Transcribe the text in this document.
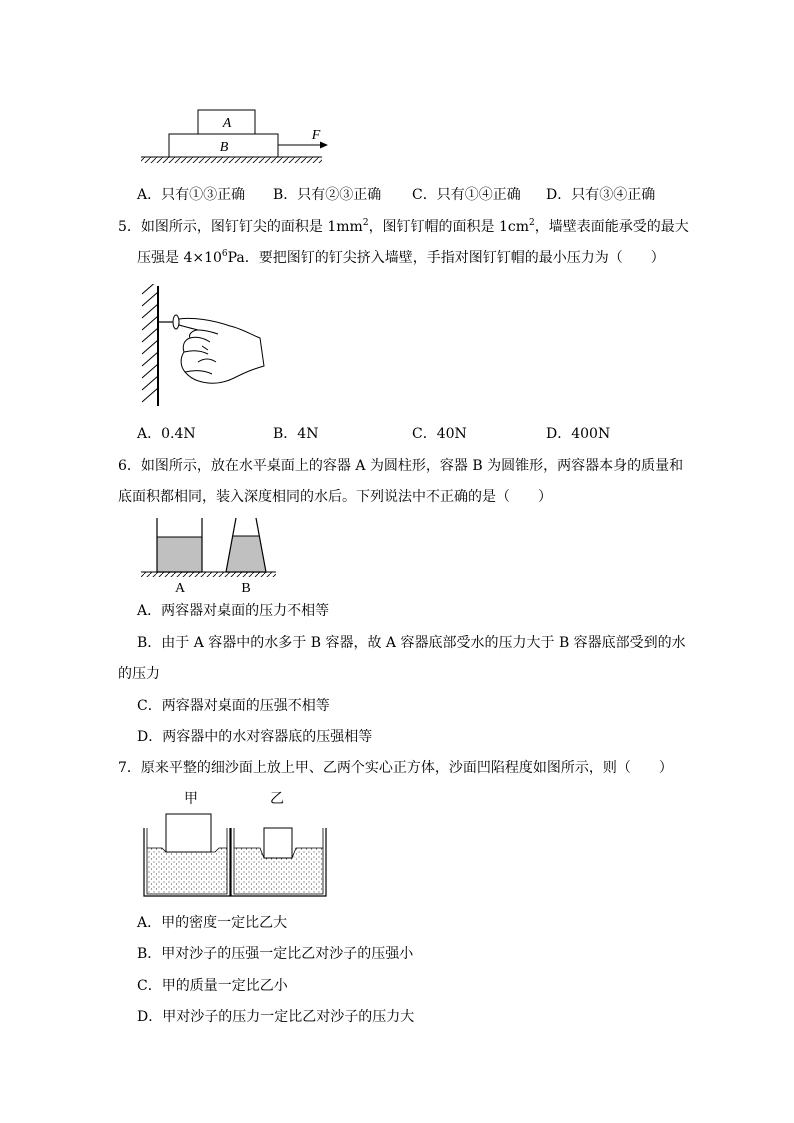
A
B
F
A．只有①③正确 B．只有②③正确 C．只有①④正确 D．只有③④正确
5．如图所示，图钉钉尖的面积是 $1mm^2$，图钉钉帽的面积是 $1cm^2$，墙壁表面能承受的最大
压强是 $4\times 10^6Pa$．要把图钉的钉尖挤入墙壁，手指对图钉钉帽的最小压力为（　　）
A．0.4N	B．4N	C．40N	D．400N
6．如图所示，放在水平桌面上的容器 A 为圆柱形，容器 B 为圆锥形，两容器本身的质量和
底面积都相同，装入深度相同的水后。下列说法中不正确的是（　　）
A	B
A．两容器对桌面的压力不相等
B．由于 A 容器中的水多于 B 容器，故 A 容器底部受水的压力大于 B 容器底部受到的水
的压力
C．两容器对桌面的压强不相等
D．两容器中的水对容器底的压强相等
7．原来平整的细沙面上放上甲、乙两个实心正方体，沙面凹陷程度如图所示，则（　　）
甲	乙
A．甲的密度一定比乙大
B．甲对沙子的压强一定比乙对沙子的压强小
C．甲的质量一定比乙小
D．甲对沙子的压力一定比乙对沙子的压力大
